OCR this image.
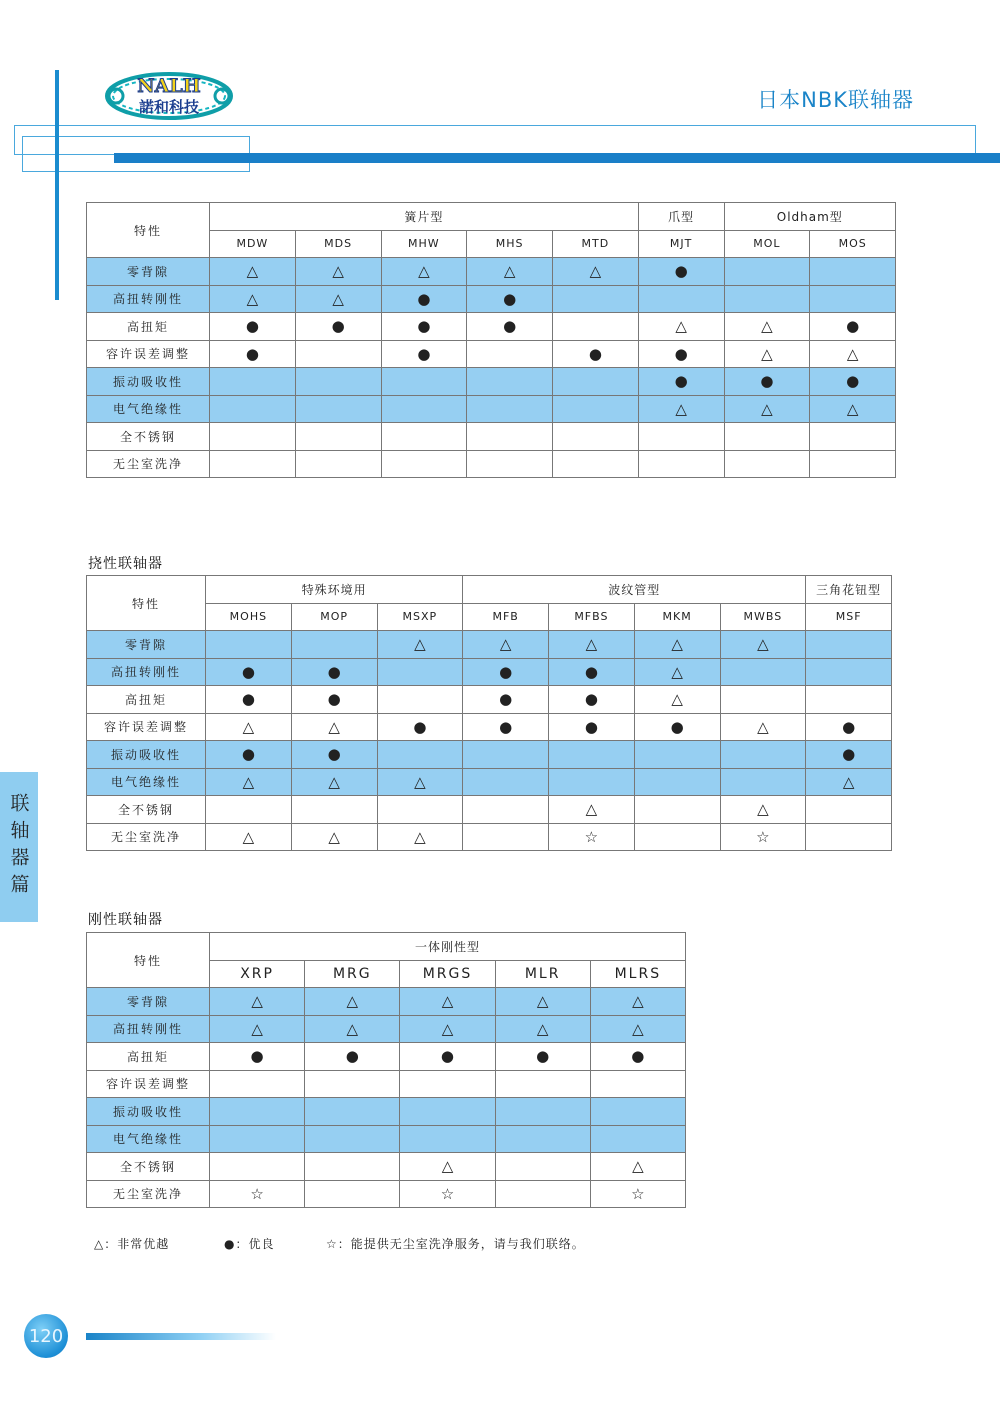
NALH
諾和科技	日本NBK联轴器
联轴器篇
挠性联轴器
刚性联轴器
特性	簧片型					爪型	Oldham型	
	MDW	MDS	MHW	MHS	MTD	MJT	MOL	MOS
零背隙	△	△	△	△	△	●		
高扭转刚性	△	△	●	●				
高扭矩	●	●	●	●		△	△	●
容许误差调整	●		●		●	●	△	△
振动吸收性						●	●	●
电气绝缘性						△	△	△
全不锈钢								
无尘室洗净								
特性	特殊环境用			波纹管型				三角花钮型
	MOHS	MOP	MSXP	MFB	MFBS	MKM	MWBS	MSF
零背隙			△	△	△	△	△	
高扭转刚性	●	●		●	●	△		
高扭矩	●	●		●	●	△		
容许误差调整	△	△	●	●	●	●	△	●
振动吸收性	●	●						●
电气绝缘性	△	△	△					△
全不锈钢					△		△	
无尘室洗净	△	△	△		☆		☆	
特性	一体刚性型				
	XRP	MRG	MRGS	MLR	MLRS
零背隙	△	△	△	△	△
高扭转刚性	△	△	△	△	△
高扭矩	●	●	●	●	●
容许误差调整					
振动吸收性					
电气绝缘性					
全不锈钢			△		△
无尘室洗净	☆		☆		☆
△：非常优越	●：优良	☆：能提供无尘室洗净服务，请与我们联络。
120
